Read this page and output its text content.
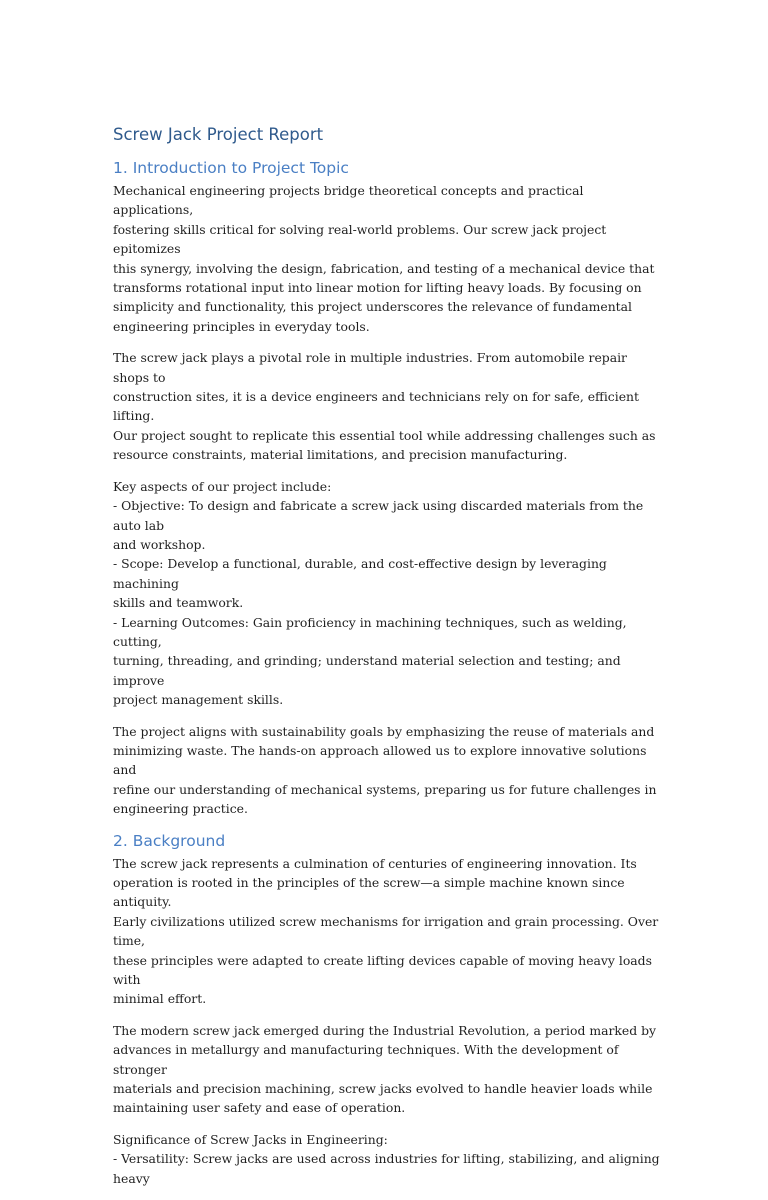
Screw Jack Project Report
1. Introduction to Project Topic

Mechanical engineering projects bridge theoretical concepts and practical applications,
fostering skills critical for solving real-world problems. Our screw jack project epitomizes
this synergy, involving the design, fabrication, and testing of a mechanical device that
transforms rotational input into linear motion for lifting heavy loads. By focusing on
simplicity and functionality, this project underscores the relevance of fundamental
engineering principles in everyday tools.

The screw jack plays a pivotal role in multiple industries. From automobile repair shops to
construction sites, it is a device engineers and technicians rely on for safe, efficient lifting.
Our project sought to replicate this essential tool while addressing challenges such as
resource constraints, material limitations, and precision manufacturing.

Key aspects of our project include:
- Objective: To design and fabricate a screw jack using discarded materials from the auto lab
and workshop.
- Scope: Develop a functional, durable, and cost-effective design by leveraging machining
skills and teamwork.
- Learning Outcomes: Gain proficiency in machining techniques, such as welding, cutting,
turning, threading, and grinding; understand material selection and testing; and improve
project management skills.

The project aligns with sustainability goals by emphasizing the reuse of materials and
minimizing waste. The hands-on approach allowed us to explore innovative solutions and
refine our understanding of mechanical systems, preparing us for future challenges in
engineering practice.

2. Background

The screw jack represents a culmination of centuries of engineering innovation. Its
operation is rooted in the principles of the screw—a simple machine known since antiquity.
Early civilizations utilized screw mechanisms for irrigation and grain processing. Over time,
these principles were adapted to create lifting devices capable of moving heavy loads with
minimal effort.

The modern screw jack emerged during the Industrial Revolution, a period marked by
advances in metallurgy and manufacturing techniques. With the development of stronger
materials and precision machining, screw jacks evolved to handle heavier loads while
maintaining user safety and ease of operation.

Significance of Screw Jacks in Engineering:
- Versatility: Screw jacks are used across industries for lifting, stabilizing, and aligning heavy
